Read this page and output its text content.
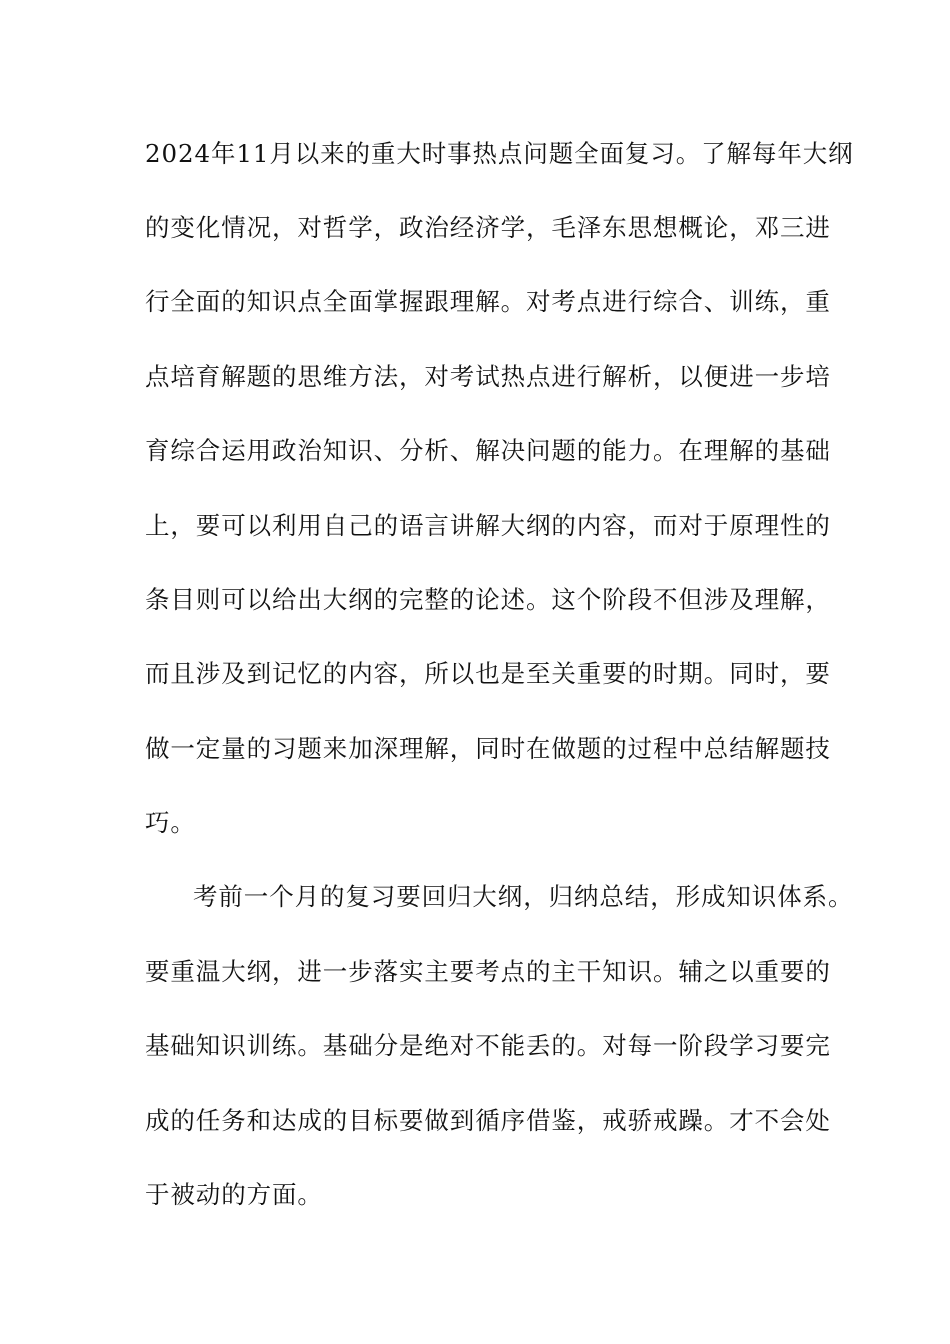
2024年11月以来的重大时事热点问题全面复习。了解每年大纲
的变化情况，对哲学，政治经济学，毛泽东思想概论，邓三进
行全面的知识点全面掌握跟理解。对考点进行综合、训练，重
点培育解题的思维方法，对考试热点进行解析，以便进一步培
育综合运用政治知识、分析、解决问题的能力。在理解的基础
上，要可以利用自己的语言讲解大纲的内容，而对于原理性的
条目则可以给出大纲的完整的论述。这个阶段不但涉及理解，
而且涉及到记忆的内容，所以也是至关重要的时期。同时，要
做一定量的习题来加深理解，同时在做题的过程中总结解题技
巧。
考前一个月的复习要回归大纲，归纳总结，形成知识体系。
要重温大纲，进一步落实主要考点的主干知识。辅之以重要的
基础知识训练。基础分是绝对不能丢的。对每一阶段学习要完
成的任务和达成的目标要做到循序借鉴，戒骄戒躁。才不会处
于被动的方面。
